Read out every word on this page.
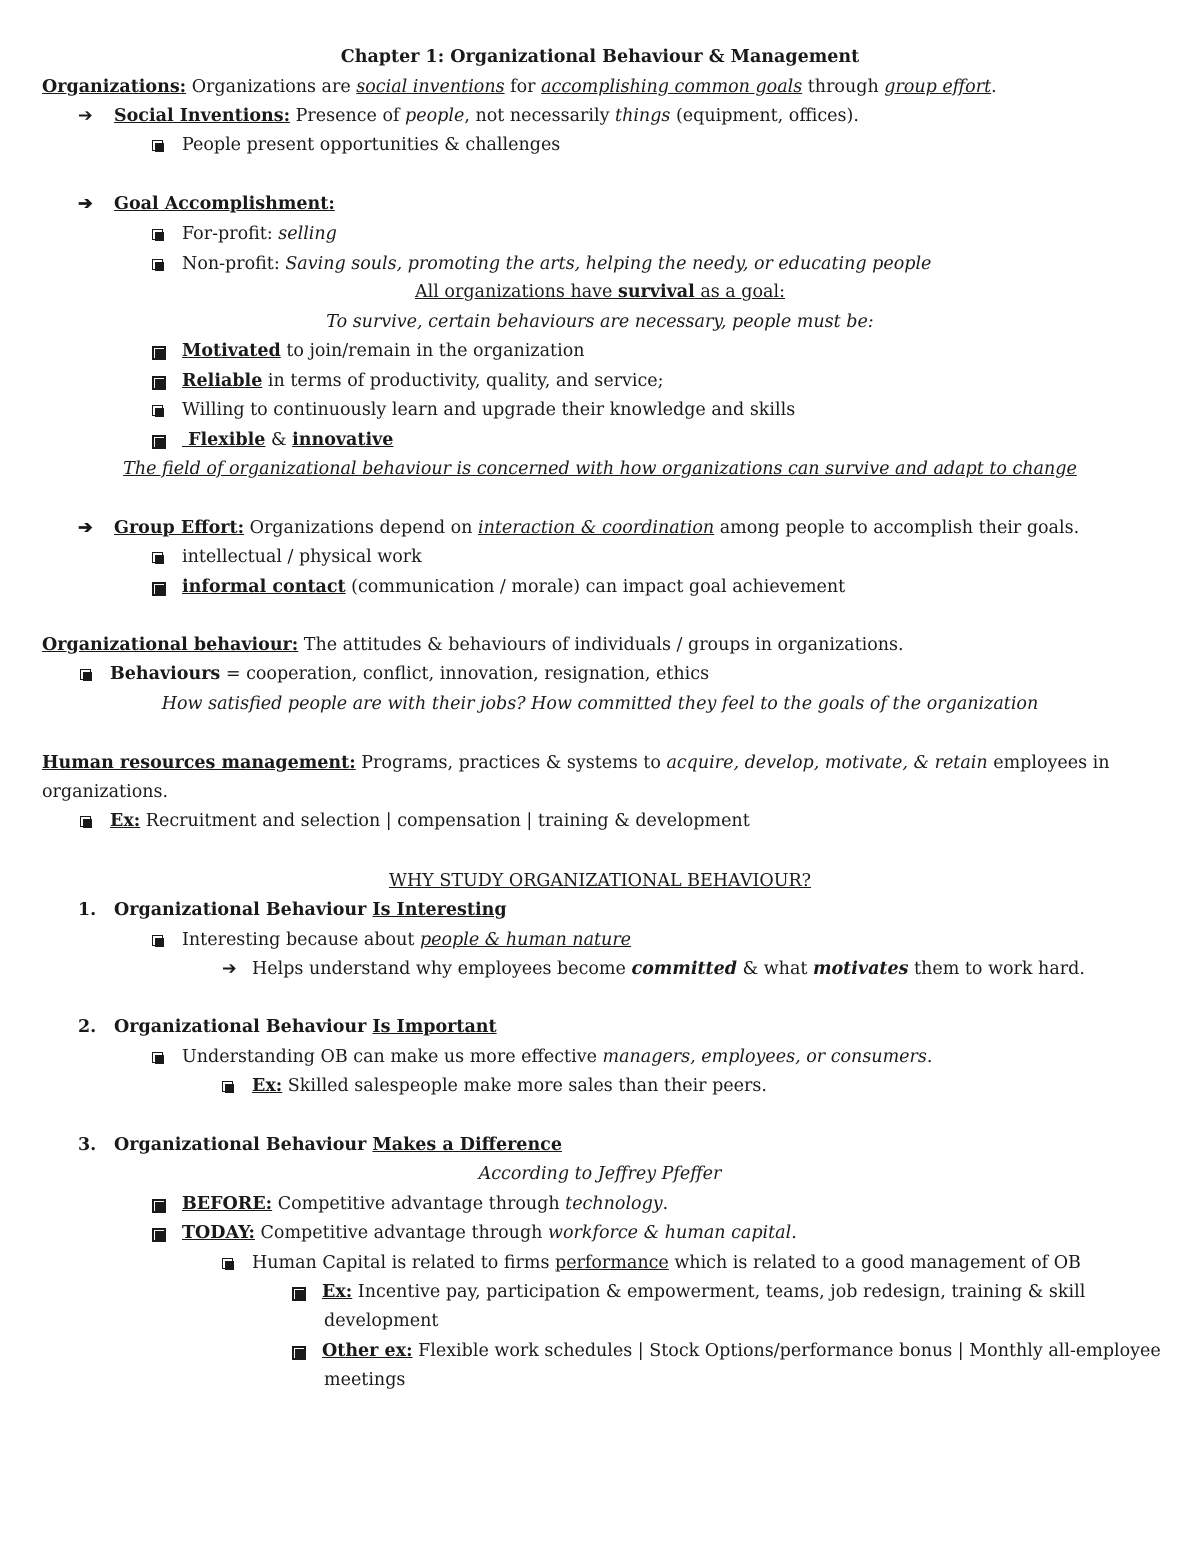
Chapter 1: Organizational Behaviour & Management
Organizations: Organizations are social inventions for accomplishing common goals through group effort.
➔ Social Inventions: Presence of people, not necessarily things (equipment, offices).
People present opportunities & challenges
➔ Goal Accomplishment:
For-profit: selling
Non-profit: Saving souls, promoting the arts, helping the needy, or educating people
All organizations have survival as a goal:
To survive, certain behaviours are necessary, people must be:
Motivated to join/remain in the organization
Reliable in terms of productivity, quality, and service;
Willing to continuously learn and upgrade their knowledge and skills
Flexible & innovative
The field of organizational behaviour is concerned with how organizations can survive and adapt to change
➔ Group Effort: Organizations depend on interaction & coordination among people to accomplish their goals.
intellectual / physical work
informal contact (communication / morale) can impact goal achievement
Organizational behaviour: The attitudes & behaviours of individuals / groups in organizations.
Behaviours = cooperation, conflict, innovation, resignation, ethics
How satisfied people are with their jobs? How committed they feel to the goals of the organization
Human resources management: Programs, practices & systems to acquire, develop, motivate, & retain employees in
organizations.
Ex: Recruitment and selection | compensation | training & development
WHY STUDY ORGANIZATIONAL BEHAVIOUR?
1. Organizational Behaviour Is Interesting
Interesting because about people & human nature
➔ Helps understand why employees become committed & what motivates them to work hard.
2. Organizational Behaviour Is Important
Understanding OB can make us more effective managers, employees, or consumers.
Ex: Skilled salespeople make more sales than their peers.
3. Organizational Behaviour Makes a Difference
According to Jeffrey Pfeffer
BEFORE: Competitive advantage through technology.
TODAY: Competitive advantage through workforce & human capital.
Human Capital is related to firms performance which is related to a good management of OB
Ex: Incentive pay, participation & empowerment, teams, job redesign, training & skill
development
Other ex: Flexible work schedules | Stock Options/performance bonus | Monthly all-employee
meetings
